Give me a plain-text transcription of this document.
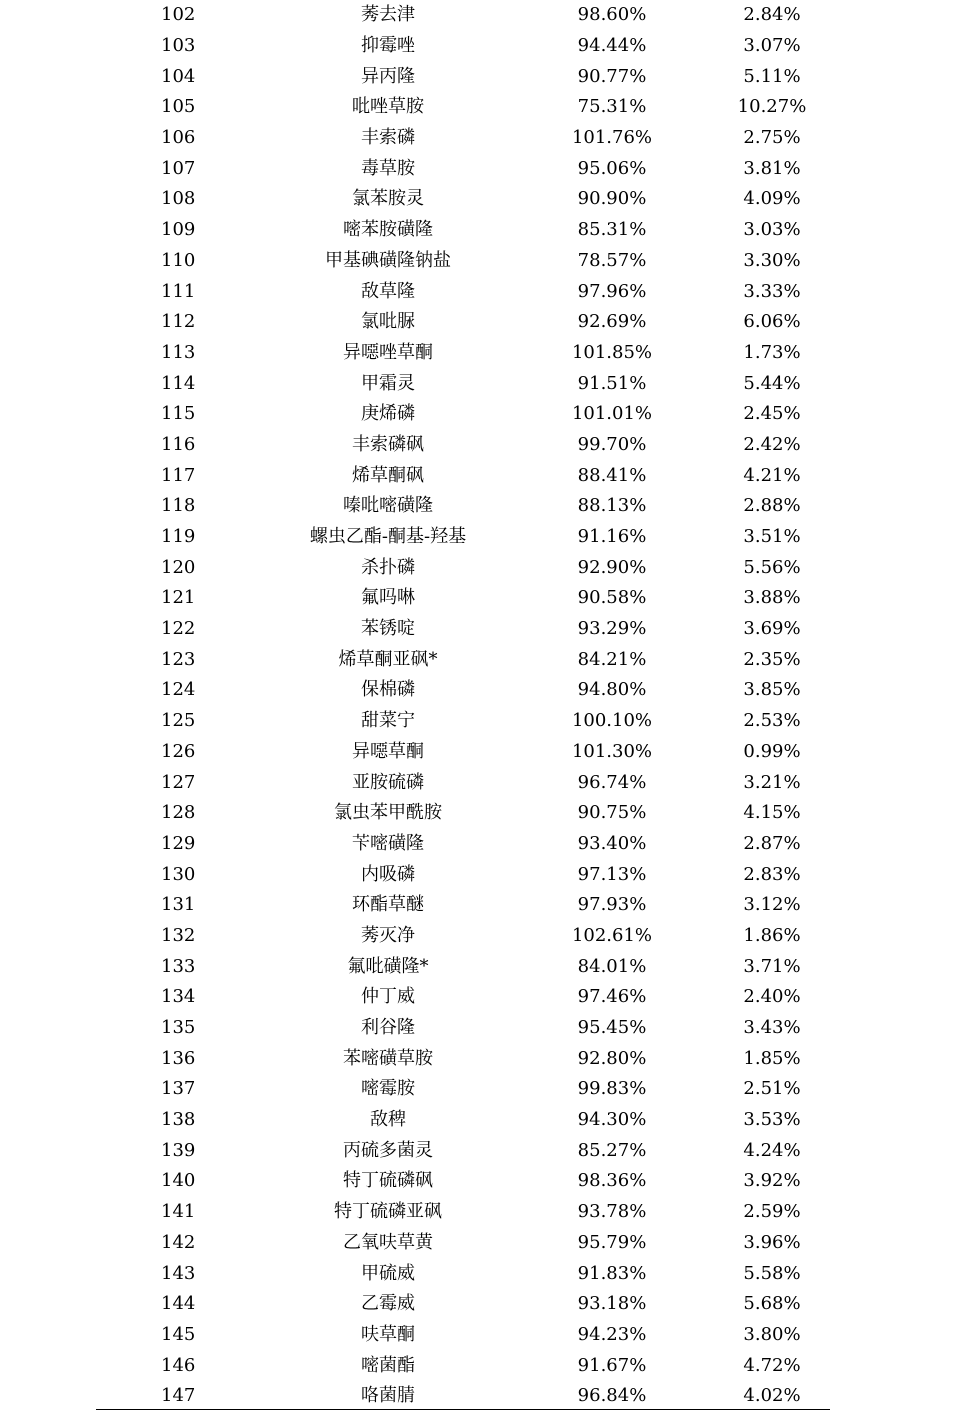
102	莠去津	98.60%	2.84%
103	抑霉唑	94.44%	3.07%
104	异丙隆	90.77%	5.11%
105	吡唑草胺	75.31%	10.27%
106	丰索磷	101.76%	2.75%
107	毒草胺	95.06%	3.81%
108	氯苯胺灵	90.90%	4.09%
109	嘧苯胺磺隆	85.31%	3.03%
110	甲基碘磺隆钠盐	78.57%	3.30%
111	敌草隆	97.96%	3.33%
112	氯吡脲	92.69%	6.06%
113	异噁唑草酮	101.85%	1.73%
114	甲霜灵	91.51%	5.44%
115	庚烯磷	101.01%	2.45%
116	丰索磷砜	99.70%	2.42%
117	烯草酮砜	88.41%	4.21%
118	嗪吡嘧磺隆	88.13%	2.88%
119	螺虫乙酯-酮基-羟基	91.16%	3.51%
120	杀扑磷	92.90%	5.56%
121	氟吗啉	90.58%	3.88%
122	苯锈啶	93.29%	3.69%
123	烯草酮亚砜*	84.21%	2.35%
124	保棉磷	94.80%	3.85%
125	甜菜宁	100.10%	2.53%
126	异噁草酮	101.30%	0.99%
127	亚胺硫磷	96.74%	3.21%
128	氯虫苯甲酰胺	90.75%	4.15%
129	苄嘧磺隆	93.40%	2.87%
130	内吸磷	97.13%	2.83%
131	环酯草醚	97.93%	3.12%
132	莠灭净	102.61%	1.86%
133	氟吡磺隆*	84.01%	3.71%
134	仲丁威	97.46%	2.40%
135	利谷隆	95.45%	3.43%
136	苯嘧磺草胺	92.80%	1.85%
137	嘧霉胺	99.83%	2.51%
138	敌稗	94.30%	3.53%
139	丙硫多菌灵	85.27%	4.24%
140	特丁硫磷砜	98.36%	3.92%
141	特丁硫磷亚砜	93.78%	2.59%
142	乙氧呋草黄	95.79%	3.96%
143	甲硫威	91.83%	5.58%
144	乙霉威	93.18%	5.68%
145	呋草酮	94.23%	3.80%
146	嘧菌酯	91.67%	4.72%
147	咯菌腈	96.84%	4.02%
